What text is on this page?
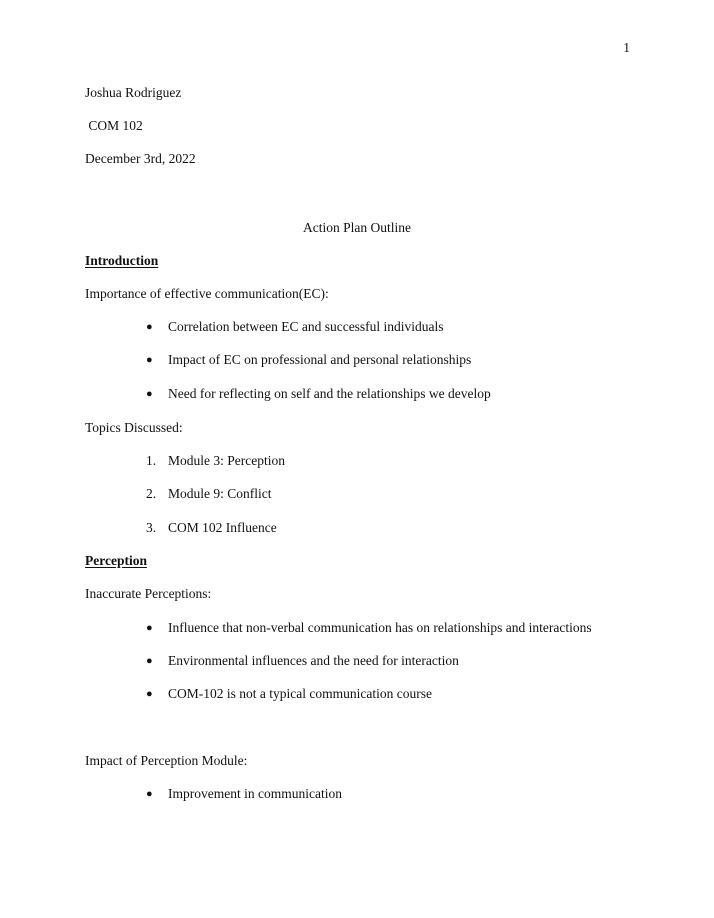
1
Joshua Rodriguez
COM 102
December 3rd, 2022
Action Plan Outline
Introduction
Importance of effective communication(EC):
● Correlation between EC and successful individuals
● Impact of EC on professional and personal relationships
● Need for reflecting on self and the relationships we develop
Topics Discussed:
1. Module 3: Perception
2. Module 9: Conflict
3. COM 102 Influence
Perception
Inaccurate Perceptions:
● Influence that non-verbal communication has on relationships and interactions
● Environmental influences and the need for interaction
● COM-102 is not a typical communication course
Impact of Perception Module:
● Improvement in communication
